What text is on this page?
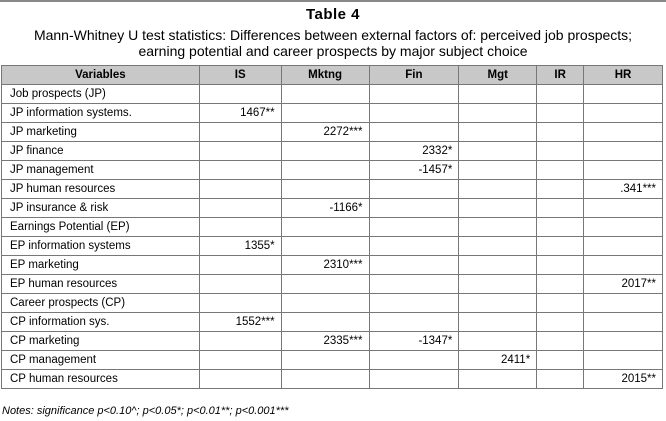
Table 4
Mann-Whitney U test statistics: Differences between external factors of: perceived job prospects;
earning potential and career prospects by major subject choice
Variables	IS	Mktng	Fin	Mgt	IR	HR
Job prospects (JP)						
JP information systems.	1467**					
JP marketing		2272***				
JP finance			2332*			
JP management			-1457*			
JP human resources						.341***
JP insurance & risk		-1166*				
Earnings Potential (EP)						
EP information systems	1355*					
EP marketing		2310***				
EP human resources						2017**
Career prospects (CP)						
CP information sys.	1552***					
CP marketing		2335***	-1347*			
CP management				2411*		
CP human resources						2015**
Notes: significance p<0.10^; p<0.05*; p<0.01**; p<0.001***
